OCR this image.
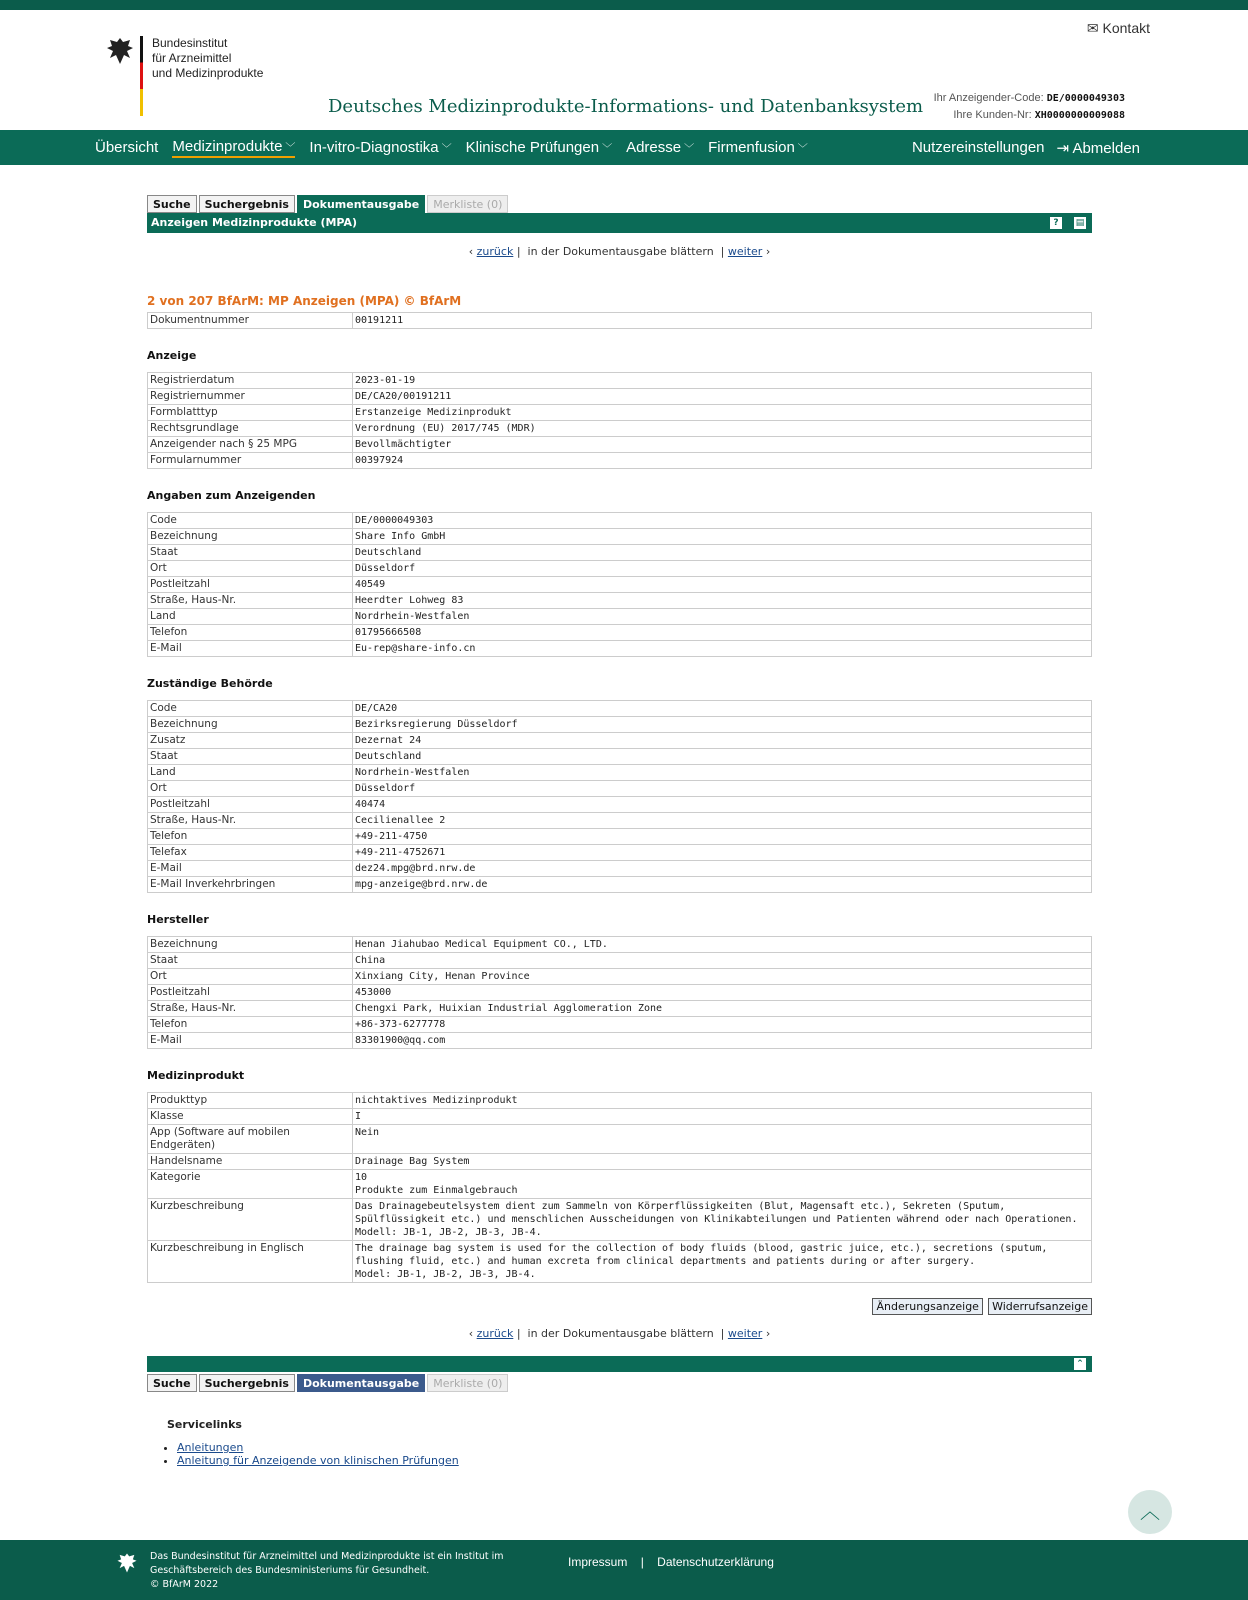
Bundesinstitut
für Arzneimittel
und Medizinprodukte
✉ Kontakt
Deutsches Medizinprodukte-Informations- und Datenbanksystem Ihr Anzeigender-Code: DE/0000049303
Ihre Kunden-Nr: XH0000000009088
Übersicht Medizinprodukte ﹀ In-vitro-Diagnostika ﹀ Klinische Prüfungen ﹀ Adresse ﹀ Firmenfusion ﹀	Nutzereinstellungen ⇥ Abmelden
Suche	Suchergebnis	Dokumentausgabe	Merkliste (0)
Anzeigen Medizinprodukte (MPA)	?	▤
‹ zurück |  in der Dokumentausgabe blättern  | weiter ›
2 von 207 BfArM: MP Anzeigen (MPA) © BfArM
Dokumentnummer	00191211
Anzeige
Registrierdatum	2023-01-19
Registriernummer	DE/CA20/00191211
Formblatttyp	Erstanzeige Medizinprodukt
Rechtsgrundlage	Verordnung (EU) 2017/745 (MDR)
Anzeigender nach § 25 MPG	Bevollmächtigter
Formularnummer	00397924
Angaben zum Anzeigenden
Code	DE/0000049303
Bezeichnung	Share Info GmbH
Staat	Deutschland
Ort	Düsseldorf
Postleitzahl	40549
Straße, Haus-Nr.	Heerdter Lohweg 83
Land	Nordrhein-Westfalen
Telefon	01795666508
E-Mail	Eu-rep@share-info.cn
Zuständige Behörde
Code	DE/CA20
Bezeichnung	Bezirksregierung Düsseldorf
Zusatz	Dezernat 24
Staat	Deutschland
Land	Nordrhein-Westfalen
Ort	Düsseldorf
Postleitzahl	40474
Straße, Haus-Nr.	Cecilienallee 2
Telefon	+49-211-4750
Telefax	+49-211-4752671
E-Mail	dez24.mpg@brd.nrw.de
E-Mail Inverkehrbringen	mpg-anzeige@brd.nrw.de
Hersteller
Bezeichnung	Henan Jiahubao Medical Equipment CO., LTD.
Staat	China
Ort	Xinxiang City, Henan Province
Postleitzahl	453000
Straße, Haus-Nr.	Chengxi Park, Huixian Industrial Agglomeration Zone
Telefon	+86-373-6277778
E-Mail	83301900@qq.com
Medizinprodukt
Produkttyp	nichtaktives Medizinprodukt
Klasse	I
App (Software auf mobilen Endgeräten)	Nein
Handelsname	Drainage Bag System
Kategorie	10
Produkte zum Einmalgebrauch
Kurzbeschreibung	Das Drainagebeutelsystem dient zum Sammeln von Körperflüssigkeiten (Blut, Magensaft etc.), Sekreten (Sputum, Spülflüssigkeit etc.) und menschlichen Ausscheidungen von Klinikabteilungen und Patienten während oder nach Operationen.
Modell: JB-1, JB-2, JB-3, JB-4.
Kurzbeschreibung in Englisch	The drainage bag system is used for the collection of body fluids (blood, gastric juice, etc.), secretions (sputum, flushing fluid, etc.) and human excreta from clinical departments and patients during or after surgery.
Model: JB-1, JB-2, JB-3, JB-4.
Änderungsanzeige Widerrufsanzeige
‹ zurück |  in der Dokumentausgabe blättern  | weiter ›
⌃
Suche	Suchergebnis	Dokumentausgabe	Merkliste (0)
Servicelinks
• Anleitungen
• Anleitung für Anzeigende von klinischen Prüfungen
︿
Das Bundesinstitut für Arzneimittel und Medizinprodukte ist ein Institut im Geschäftsbereich des Bundesministeriums für Gesundheit.
© BfArM 2022
Impressum | Datenschutzerklärung
